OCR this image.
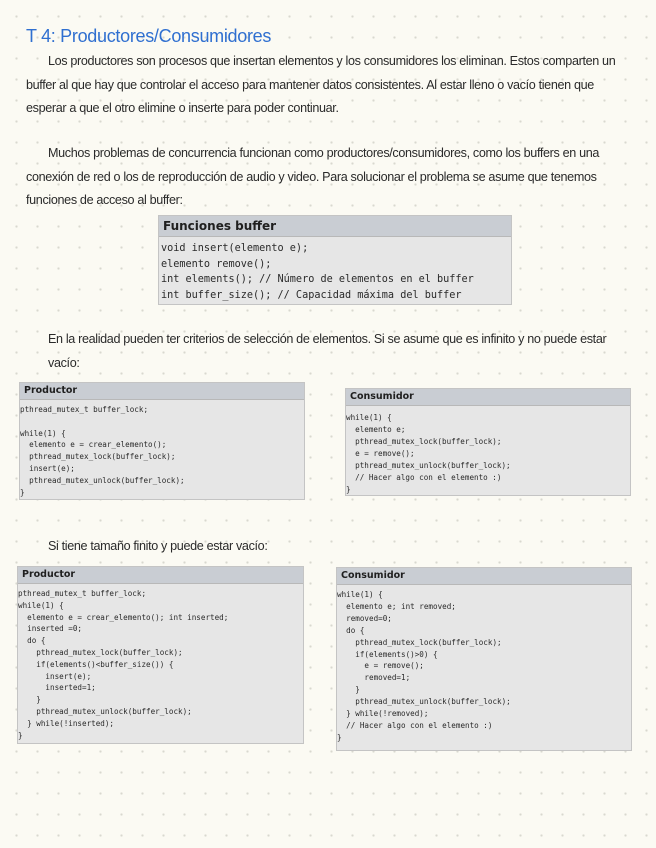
T 4: Productores/Consumidores
Los productores son procesos que insertan elementos y los consumidores los eliminan. Estos comparten un buffer al que hay que controlar el acceso para mantener datos consistentes. Al estar lleno o vacío tienen que esperar a que el otro elimine o inserte para poder continuar.
Muchos problemas de concurrencia funcionan como productores/consumidores, como los buffers en una conexión de red o los de reproducción de audio y video. Para solucionar el problema se asume que tenemos funciones de acceso al buffer:
Funciones buffer
void insert(elemento e);
elemento remove();
int elements(); // Número de elementos en el buffer
int buffer_size(); // Capacidad máxima del buffer
En la realidad pueden ter criterios de selección de elementos. Si se asume que es infinito y no puede estar vacío:
Productor
pthread_mutex_t buffer_lock;

while(1) {
elemento e = crear_elemento();
pthread_mutex_lock(buffer_lock);
insert(e);
pthread_mutex_unlock(buffer_lock);
}
Consumidor
while(1) {
elemento e;
pthread_mutex_lock(buffer_lock);
e = remove();
pthread_mutex_unlock(buffer_lock);
// Hacer algo con el elemento :)
}
Si tiene tamaño finito y puede estar vacío:
Productor
pthread_mutex_t buffer_lock;
while(1) {
elemento e = crear_elemento(); int inserted;
inserted =0;
do {
pthread_mutex_lock(buffer_lock);
if(elements()<buffer_size()) {
insert(e);
inserted=1;
}
pthread_mutex_unlock(buffer_lock);
} while(!inserted);
}
Consumidor
while(1) {
elemento e; int removed;
removed=0;
do {
pthread_mutex_lock(buffer_lock);
if(elements()>0) {
e = remove();
removed=1;
}
pthread_mutex_unlock(buffer_lock);
} while(!removed);
// Hacer algo con el elemento :)
}
